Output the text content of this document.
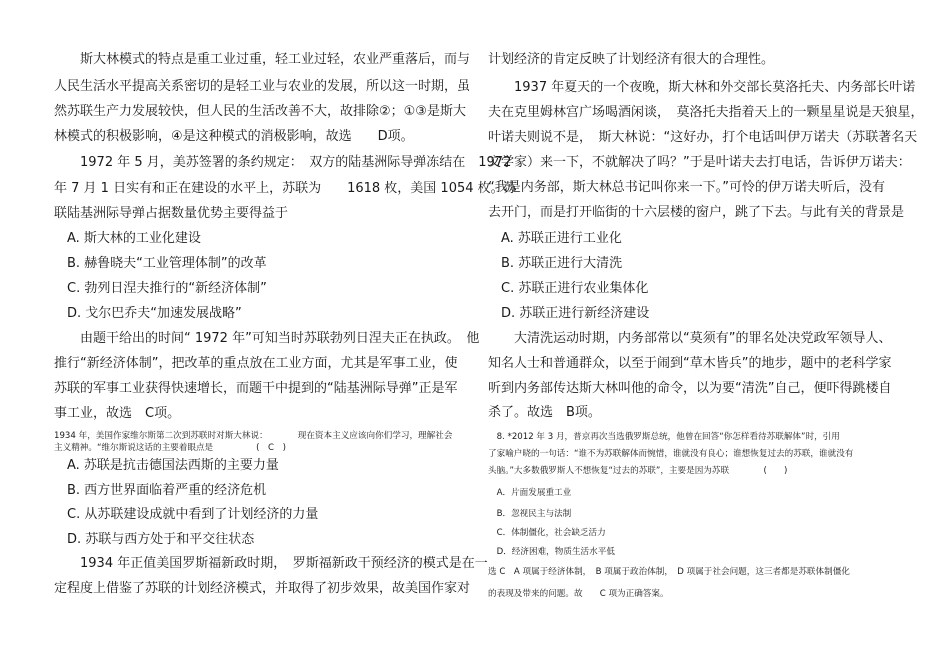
　　斯大林模式的特点是重工业过重，轻工业过轻，农业严重落后，而与
人民生活水平提高关系密切的是轻工业与农业的发展，所以这一时期，虽
然苏联生产力发展较快，但人民的生活改善不大，故排除②；①③是斯大
林模式的积极影响，④是这种模式的消极影响，故选　　D项。
　　1972 年 5 月，美苏签署的条约规定：　双方的陆基洲际导弹冻结在　1972
年 7 月 1 日实有和正在建设的水平上，苏联为　　1618 枚，美国 1054 枚。苏
联陆基洲际导弹占据数量优势主要得益于
　A. 斯大林的工业化建设
　B. 赫鲁晓夫“工业管理体制”的改革
　C. 勃列日涅夫推行的“新经济体制”
　D. 戈尔巴乔夫“加速发展战略”
　　由题干给出的时间“ 1972 年”可知当时苏联勃列日涅夫正在执政。　他
推行“新经济体制”，把改革的重点放在工业方面，尤其是军事工业，使
苏联的军事工业获得快速增长，而题干中提到的“陆基洲际导弹”正是军
事工业，故选　C项。
1934 年，美国作家维尔斯第二次到苏联时对斯大林说：　　　　现在资本主义应该向你们学习，理解社会
主义精神。“维尔斯说这话的主要着眼点是　　　　　(　C　)
　A. 苏联是抗击德国法西斯的主要力量
　B. 西方世界面临着严重的经济危机
　C. 从苏联建设成就中看到了计划经济的力量
　D. 苏联与西方处于和平交往状态
　　1934 年正值美国罗斯福新政时期，　罗斯福新政干预经济的模式是在一
定程度上借鉴了苏联的计划经济模式，并取得了初步效果，故美国作家对
计划经济的肯定反映了计划经济有很大的合理性。
　　1937 年夏天的一个夜晚，斯大林和外交部长莫洛托夫、内务部长叶诺
夫在克里姆林宫广场喝酒闲谈，　莫洛托夫指着天上的一颗星星说是天狼星，
叶诺夫则说不是，　斯大林说：“这好办，打个电话叫伊万诺夫（苏联著名天
文学家）来一下，不就解决了吗？”于是叶诺夫去打电话，告诉伊万诺夫：
“我是内务部，斯大林总书记叫你来一下。”可怜的伊万诺夫听后，没有
去开门，而是打开临街的十六层楼的窗户，跳了下去。与此有关的背景是
　A. 苏联正进行工业化
　B. 苏联正进行大清洗
　C. 苏联正进行农业集体化
　D. 苏联正进行新经济建设
　　大清洗运动时期，内务部常以“莫须有”的罪名处决党政军领导人、
知名人士和普通群众，以至于闹到“草木皆兵”的地步，题中的老科学家
听到内务部传达斯大林叫他的命令，以为要“清洗”自己，便吓得跳楼自
杀了。故选　B项。
　8. *2012 年 3 月，普京再次当选俄罗斯总统，他曾在回答“你怎样看待苏联解体”时，引用
了家喻户晓的一句话：“谁不为苏联解体而惋惜，谁就没有良心；谁想恢复过去的苏联，谁就没有
头脑。”大多数俄罗斯人不想恢复“过去的苏联”，主要是因为苏联　　　　(　　)
　A．片面发展重工业
　B．忽视民主与法制
　C．体制僵化，社会缺乏活力
　D．经济困难，物质生活水平低
选 C　A 项属于经济体制，　B 项属于政治体制，　D 项属于社会问题，这三者都是苏联体制僵化
的表现及带来的问题。故　　C 项为正确答案。
